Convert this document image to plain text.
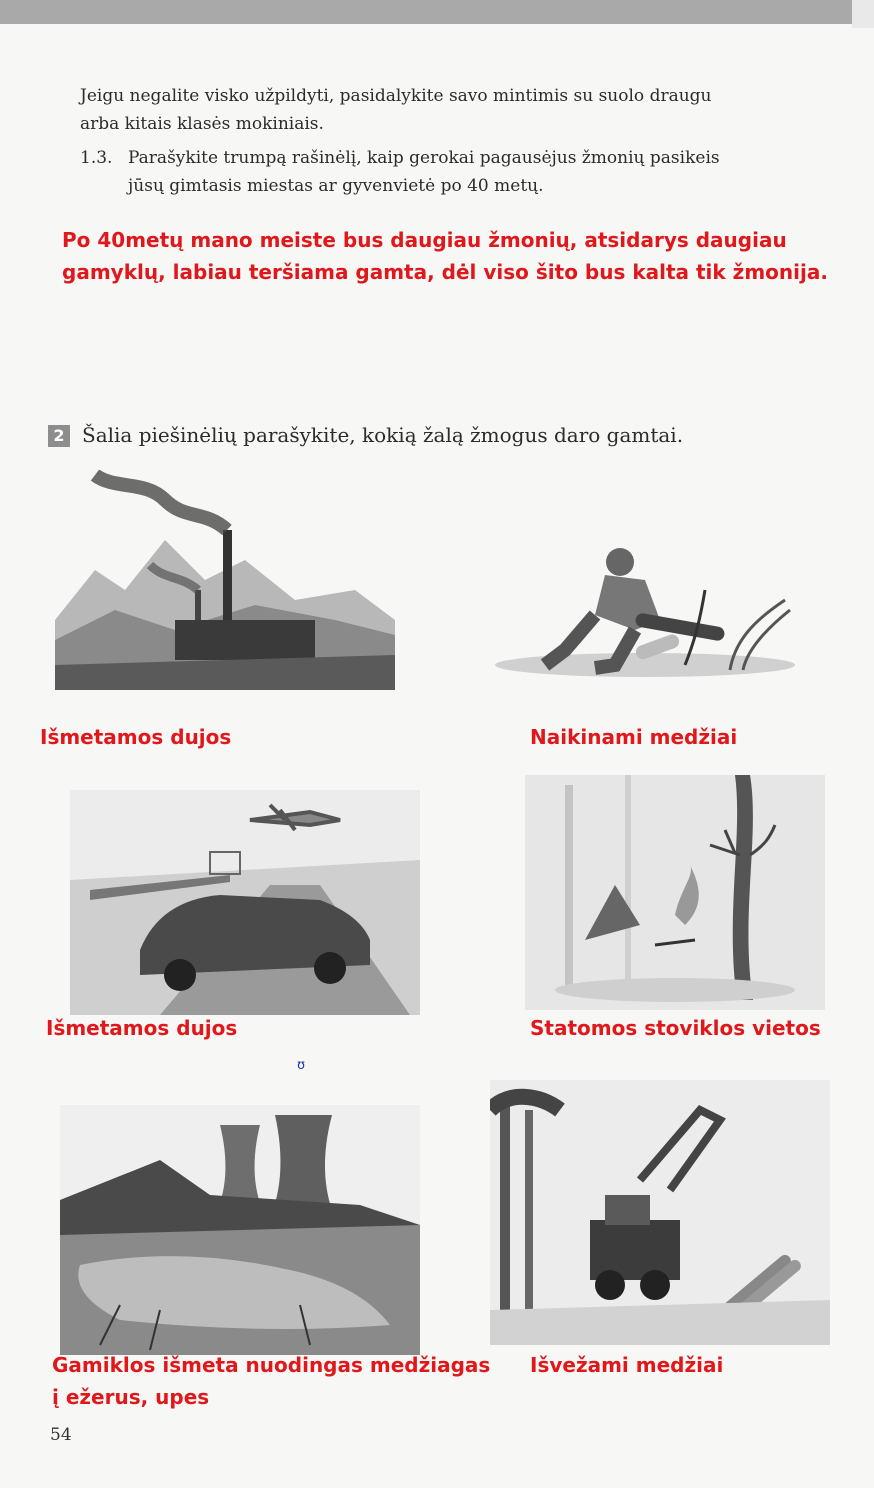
Jeigu negalite visko užpildyti, pasidalykite savo mintimis su suolo draugu
arba kitais klasės mokiniais.
1.3. Parašykite trumpą rašinėlį, kaip gerokai pagausėjus žmonių pasikeis
jūsų gimtasis miestas ar gyvenvietė po 40 metų.
Po 40metų mano meiste bus daugiau žmonių, atsidarys daugiau
gamyklų, labiau teršiama gamta, dėl viso šito bus kalta tik žmonija.
2 Šalia piešinėlių parašykite, kokią žalą žmogus daro gamtai.
Išmetamos dujos	Naikinami medžiai
Išmetamos dujos	Statomos stoviklos vietos
ʊ
Gamiklos išmeta nuodingas medžiagas
į ežerus, upes
Išvežami medžiai
54
